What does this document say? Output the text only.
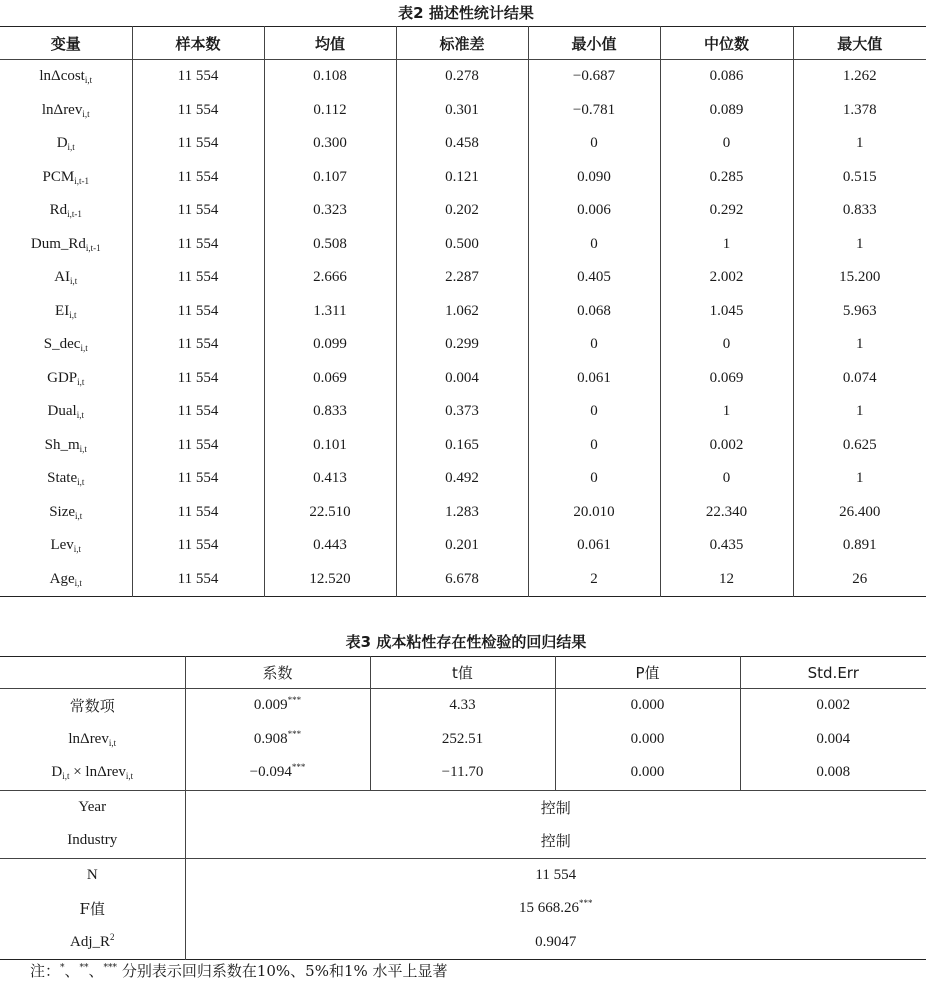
表2 描述性统计结果
变量	样本数	均值	标准差	最小值	中位数	最大值
lnΔcost$_{i,t}$	11 554	0.108	0.278	−0.687	0.086	1.262
lnΔrev$_{i,t}$	11 554	0.112	0.301	−0.781	0.089	1.378
$D_{i,t}$	11 554	0.300	0.458	0	0	1
$PCM_{i,t-1}$	11 554	0.107	0.121	0.090	0.285	0.515
$Rd_{i,t-1}$	11 554	0.323	0.202	0.006	0.292	0.833
$Dum\_Rd_{i,t-1}$	11 554	0.508	0.500	0	1	1
$AI_{i,t}$	11 554	2.666	2.287	0.405	2.002	15.200
$EI_{i,t}$	11 554	1.311	1.062	0.068	1.045	5.963
S_dec$_{i,t}$	11 554	0.099	0.299	0	0	1
$GDP_{i,t}$	11 554	0.069	0.004	0.061	0.069	0.074
Dual$_{i,t}$	11 554	0.833	0.373	0	1	1
$Sh\_m_{i,t}$	11 554	0.101	0.165	0	0.002	0.625
State$_{i,t}$	11 554	0.413	0.492	0	0	1
Size$_{i,t}$	11 554	22.510	1.283	20.010	22.340	26.400
Lev$_{i,t}$	11 554	0.443	0.201	0.061	0.435	0.891
Age$_{i,t}$	11 554	12.520	6.678	2	12	26
表3 成本粘性存在性检验的回归结果
	系数	t值	P值	Std.Err
常数项	0.009***	4.33	0.000	0.002
lnΔrev$_{i,t}$	0.908***	252.51	0.000	0.004
$D_{i,t} \times \ln\Delta rev_{i,t}$	−0.094***	−11.70	0.000	0.008
Year	控制			
Industry	控制			
N	11 554			
F值	15 668.26***
$Adj\_R^2$	0.9047			
注：*、**、*** 分别表示回归系数在10%、5%和1% 水平上显著
